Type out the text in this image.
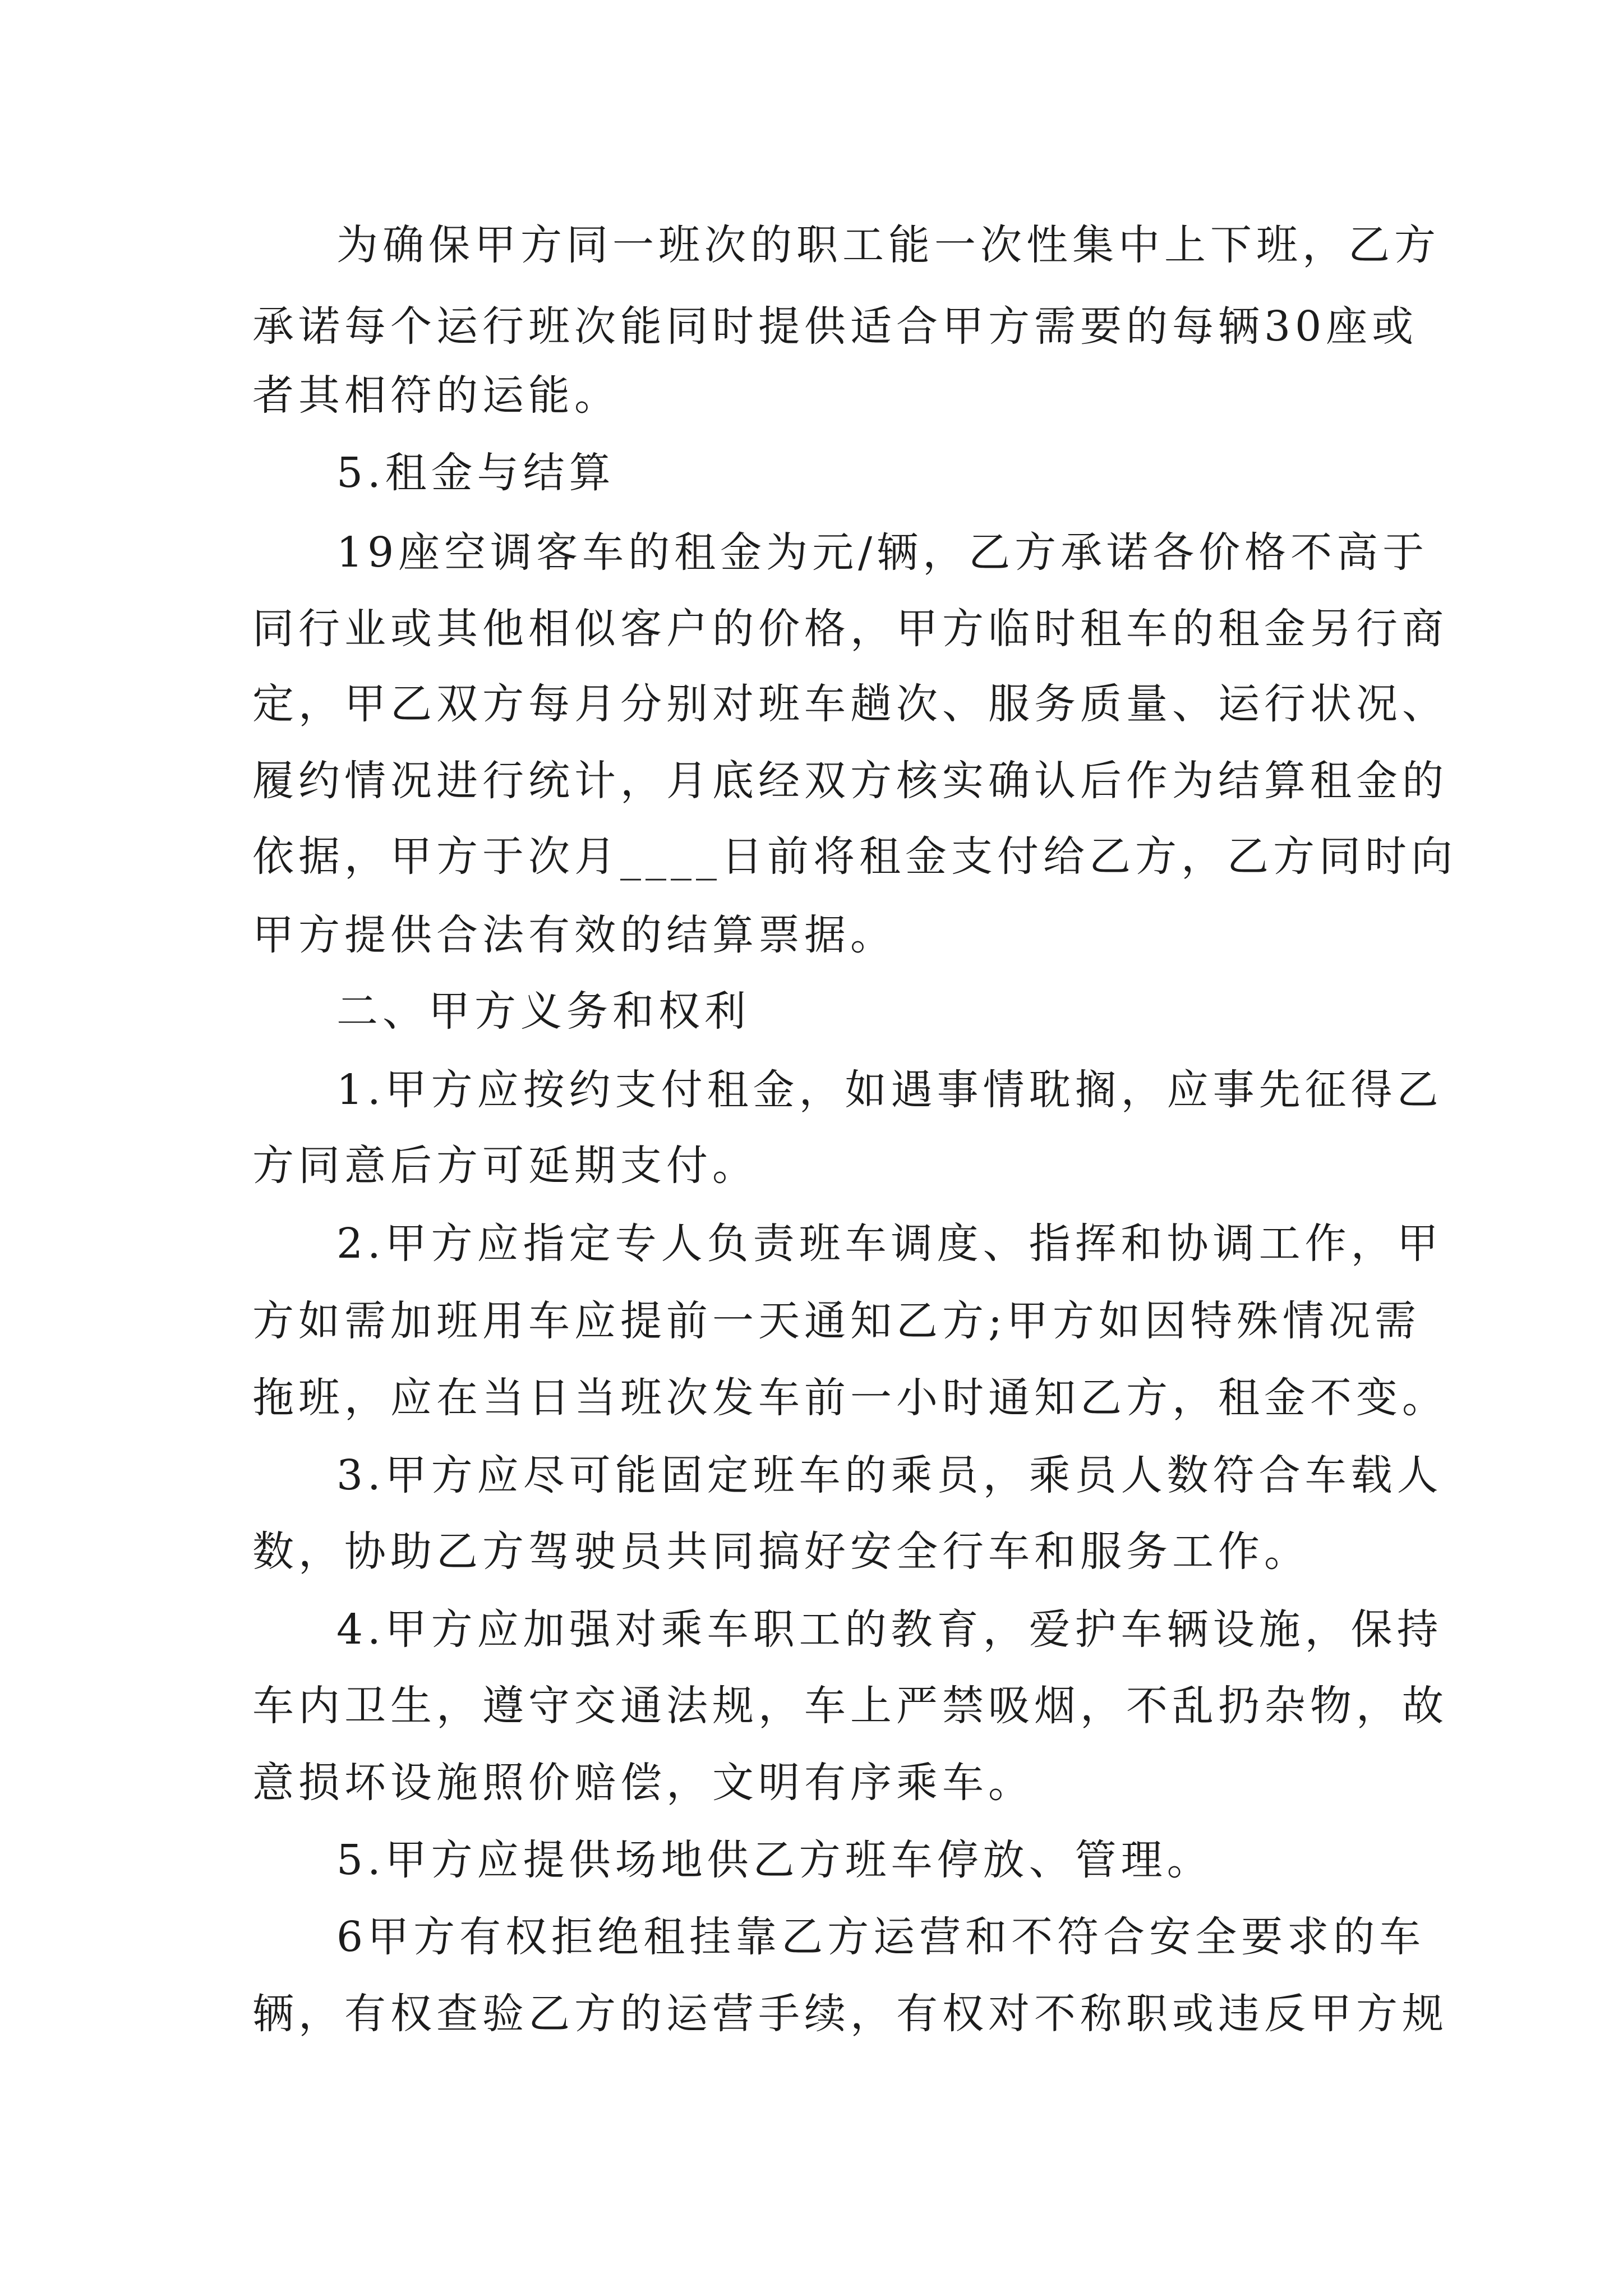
为确保甲方同一班次的职工能一次性集中上下班，乙方

承诺每个运行班次能同时提供适合甲方需要的每辆30座或

者其相符的运能。

5.租金与结算

19座空调客车的租金为元/辆，乙方承诺各价格不高于

同行业或其他相似客户的价格，甲方临时租车的租金另行商

定，甲乙双方每月分别对班车趟次、服务质量、运行状况、

履约情况进行统计，月底经双方核实确认后作为结算租金的

依据，甲方于次月____日前将租金支付给乙方，乙方同时向

甲方提供合法有效的结算票据。

二、甲方义务和权利

1.甲方应按约支付租金，如遇事情耽搁，应事先征得乙

方同意后方可延期支付。

2.甲方应指定专人负责班车调度、指挥和协调工作，甲

方如需加班用车应提前一天通知乙方;甲方如因特殊情况需

拖班，应在当日当班次发车前一小时通知乙方，租金不变。

3.甲方应尽可能固定班车的乘员，乘员人数符合车载人

数，协助乙方驾驶员共同搞好安全行车和服务工作。

4.甲方应加强对乘车职工的教育，爱护车辆设施，保持

车内卫生，遵守交通法规，车上严禁吸烟，不乱扔杂物，故

意损坏设施照价赔偿，文明有序乘车。

5.甲方应提供场地供乙方班车停放、管理。

6甲方有权拒绝租挂靠乙方运营和不符合安全要求的车

辆，有权查验乙方的运营手续，有权对不称职或违反甲方规
